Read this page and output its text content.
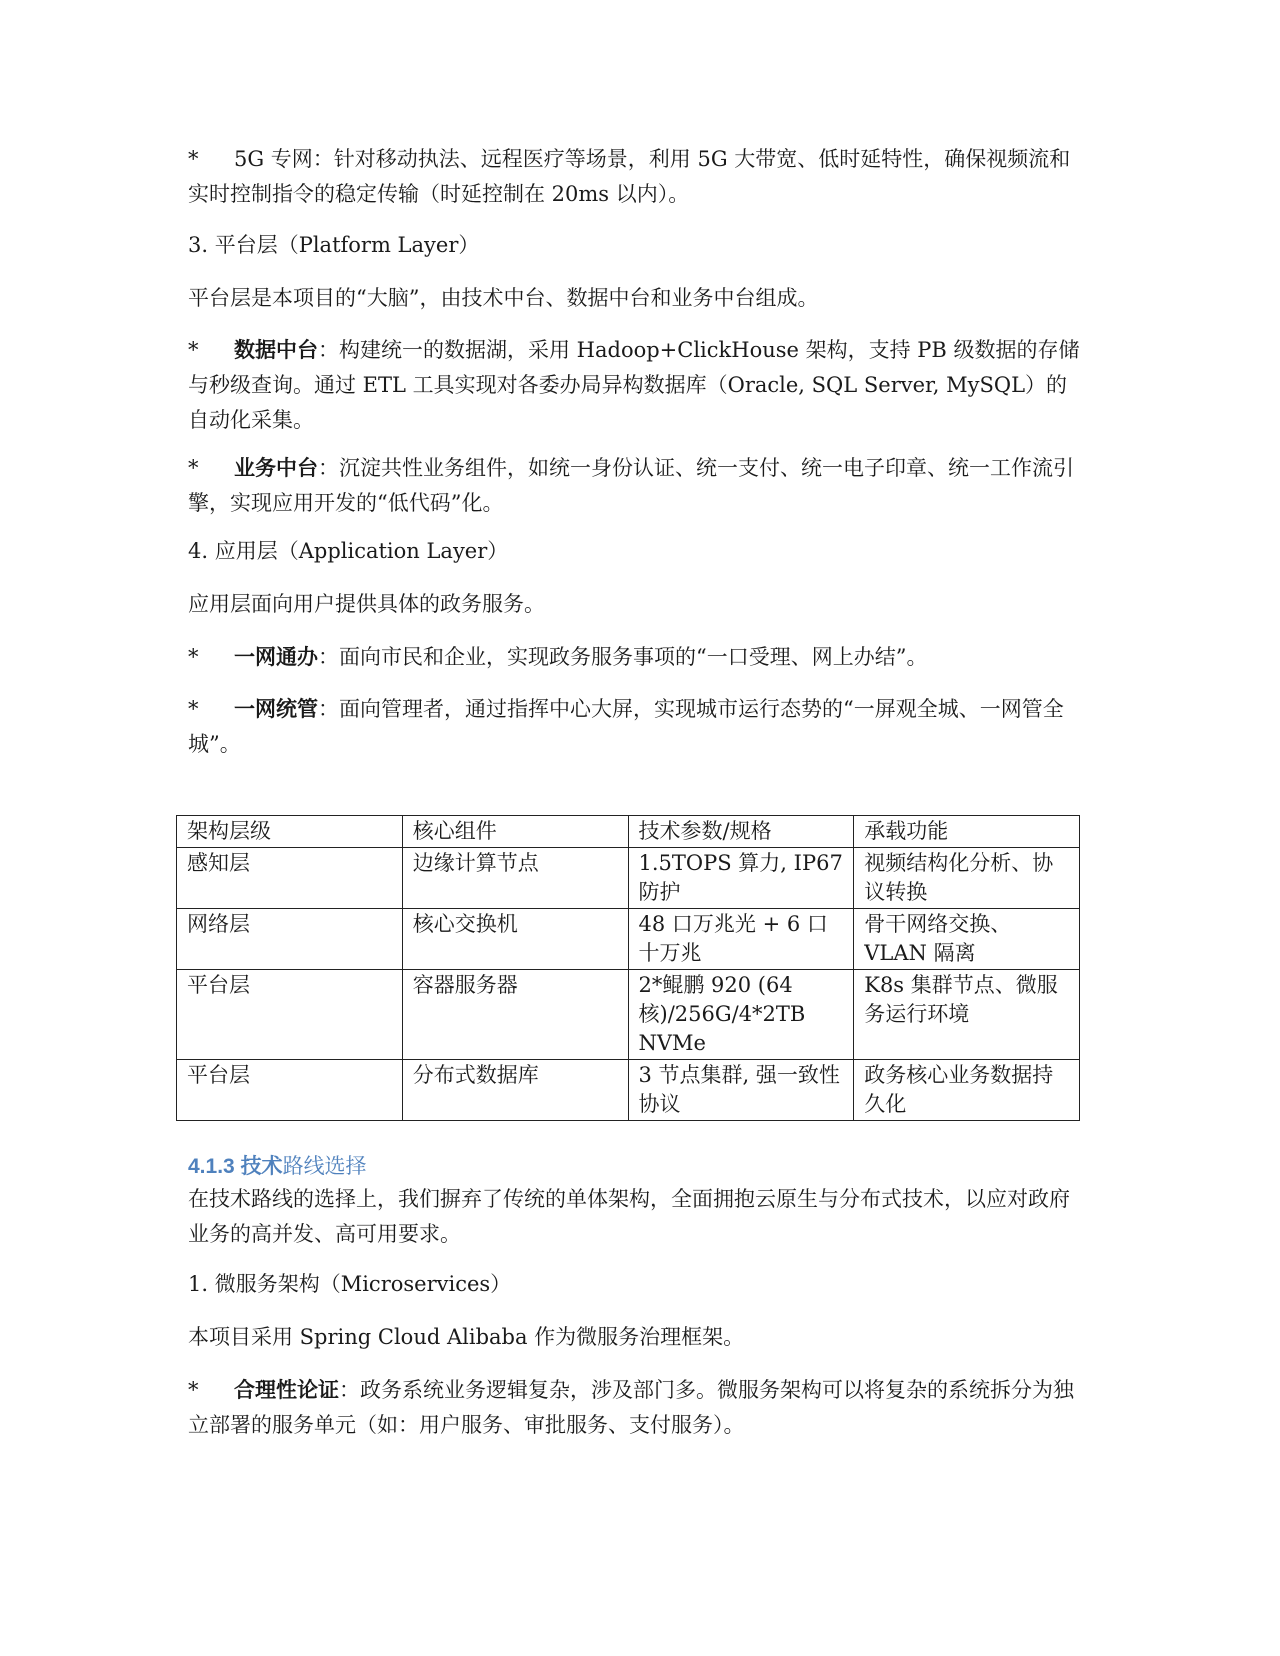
* 5G 专网：针对移动执法、远程医疗等场景，利用 5G 大带宽、低时延特性，确保视频流和实时控制指令的稳定传输（时延控制在 20ms 以内）。

3. 平台层（Platform Layer）

平台层是本项目的“大脑”，由技术中台、数据中台和业务中台组成。

* 数据中台：构建统一的数据湖，采用 Hadoop+ClickHouse 架构，支持 PB 级数据的存储与秒级查询。通过 ETL 工具实现对各委办局异构数据库（Oracle, SQL Server, MySQL）的自动化采集。

* 业务中台：沉淀共性业务组件，如统一身份认证、统一支付、统一电子印章、统一工作流引擎，实现应用开发的“低代码”化。

4. 应用层（Application Layer）

应用层面向用户提供具体的政务服务。

* 一网通办：面向市民和企业，实现政务服务事项的“一口受理、网上办结”。

* 一网统管：面向管理者，通过指挥中心大屏，实现城市运行态势的“一屏观全城、一网管全城”。

架构层级	核心组件	技术参数/规格	承载功能
感知层	边缘计算节点	1.5TOPS 算力, IP67 防护	视频结构化分析、协议转换
网络层	核心交换机	48 口万兆光 + 6 口十万兆	骨干网络交换、VLAN 隔离
平台层	容器服务器	2*鲲鹏 920 (64 核)/256G/4*2TB NVMe	K8s 集群节点、微服务运行环境
平台层	分布式数据库	3 节点集群, 强一致性协议	政务核心业务数据持久化
4.1.3 技术路线选择

在技术路线的选择上，我们摒弃了传统的单体架构，全面拥抱云原生与分布式技术，以应对政府业务的高并发、高可用要求。

1. 微服务架构（Microservices）

本项目采用 Spring Cloud Alibaba 作为微服务治理框架。

* 合理性论证：政务系统业务逻辑复杂，涉及部门多。微服务架构可以将复杂的系统拆分为独立部署的服务单元（如：用户服务、审批服务、支付服务）。
